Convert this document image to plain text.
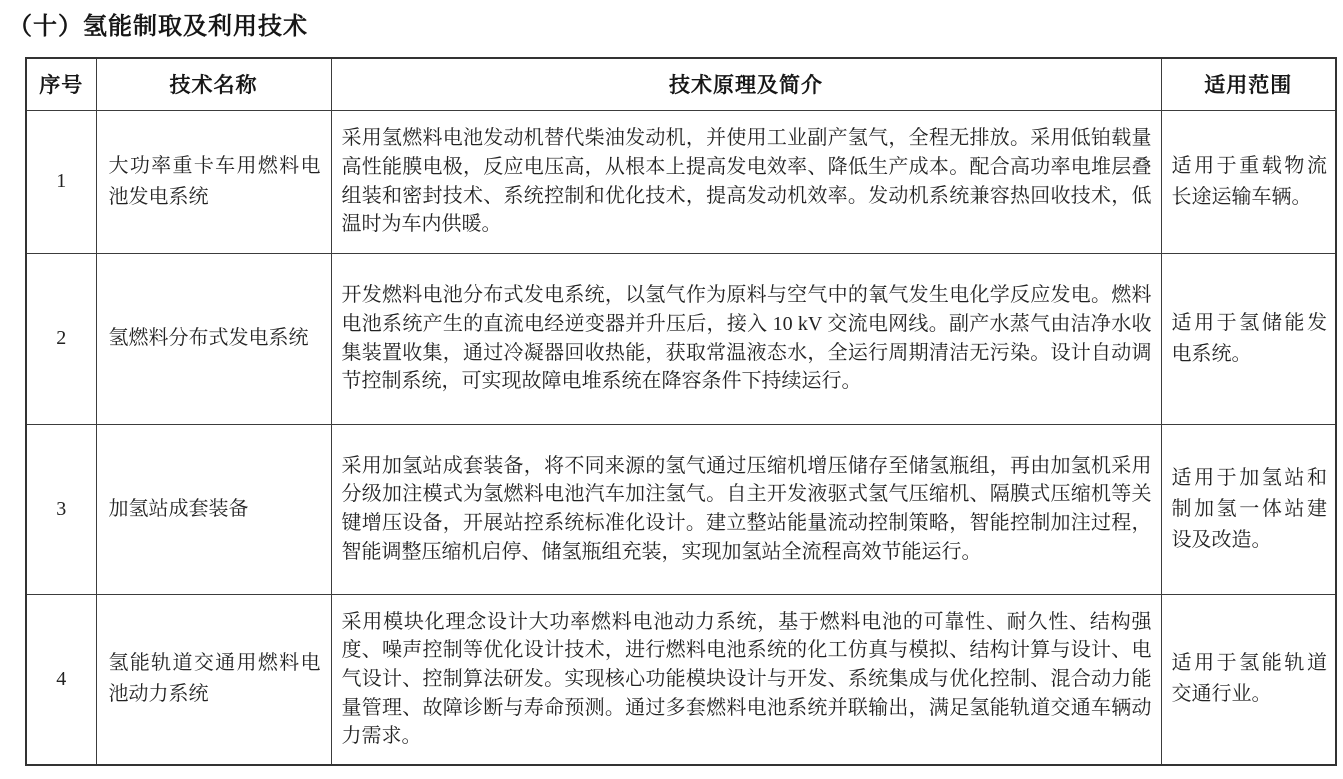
（十）氢能制取及利用技术
序号	技术名称	技术原理及简介	适用范围
1	大功率重卡车用燃料电池发电系统	采用氢燃料电池发动机替代柴油发动机，并使用工业副产氢气，全程无排放。采用低铂载量高性能膜电极，反应电压高，从根本上提高发电效率、降低生产成本。配合高功率电堆层叠组装和密封技术、系统控制和优化技术，提高发动机效率。发动机系统兼容热回收技术，低温时为车内供暖。	适用于重载物流长途运输车辆。
2	氢燃料分布式发电系统	开发燃料电池分布式发电系统，以氢气作为原料与空气中的氧气发生电化学反应发电。燃料电池系统产生的直流电经逆变器并升压后，接入 10 kV 交流电网线。副产水蒸气由洁净水收集装置收集，通过冷凝器回收热能，获取常温液态水，全运行周期清洁无污染。设计自动调节控制系统，可实现故障电堆系统在降容条件下持续运行。	适用于氢储能发电系统。
3	加氢站成套装备	采用加氢站成套装备，将不同来源的氢气通过压缩机增压储存至储氢瓶组，再由加氢机采用分级加注模式为氢燃料电池汽车加注氢气。自主开发液驱式氢气压缩机、隔膜式压缩机等关键增压设备，开展站控系统标准化设计。建立整站能量流动控制策略，智能控制加注过程，智能调整压缩机启停、储氢瓶组充装，实现加氢站全流程高效节能运行。	适用于加氢站和制加氢一体站建设及改造。
4	氢能轨道交通用燃料电池动力系统	采用模块化理念设计大功率燃料电池动力系统，基于燃料电池的可靠性、耐久性、结构强度、噪声控制等优化设计技术，进行燃料电池系统的化工仿真与模拟、结构计算与设计、电气设计、控制算法研发。实现核心功能模块设计与开发、系统集成与优化控制、混合动力能量管理、故障诊断与寿命预测。通过多套燃料电池系统并联输出，满足氢能轨道交通车辆动力需求。	适用于氢能轨道交通行业。
